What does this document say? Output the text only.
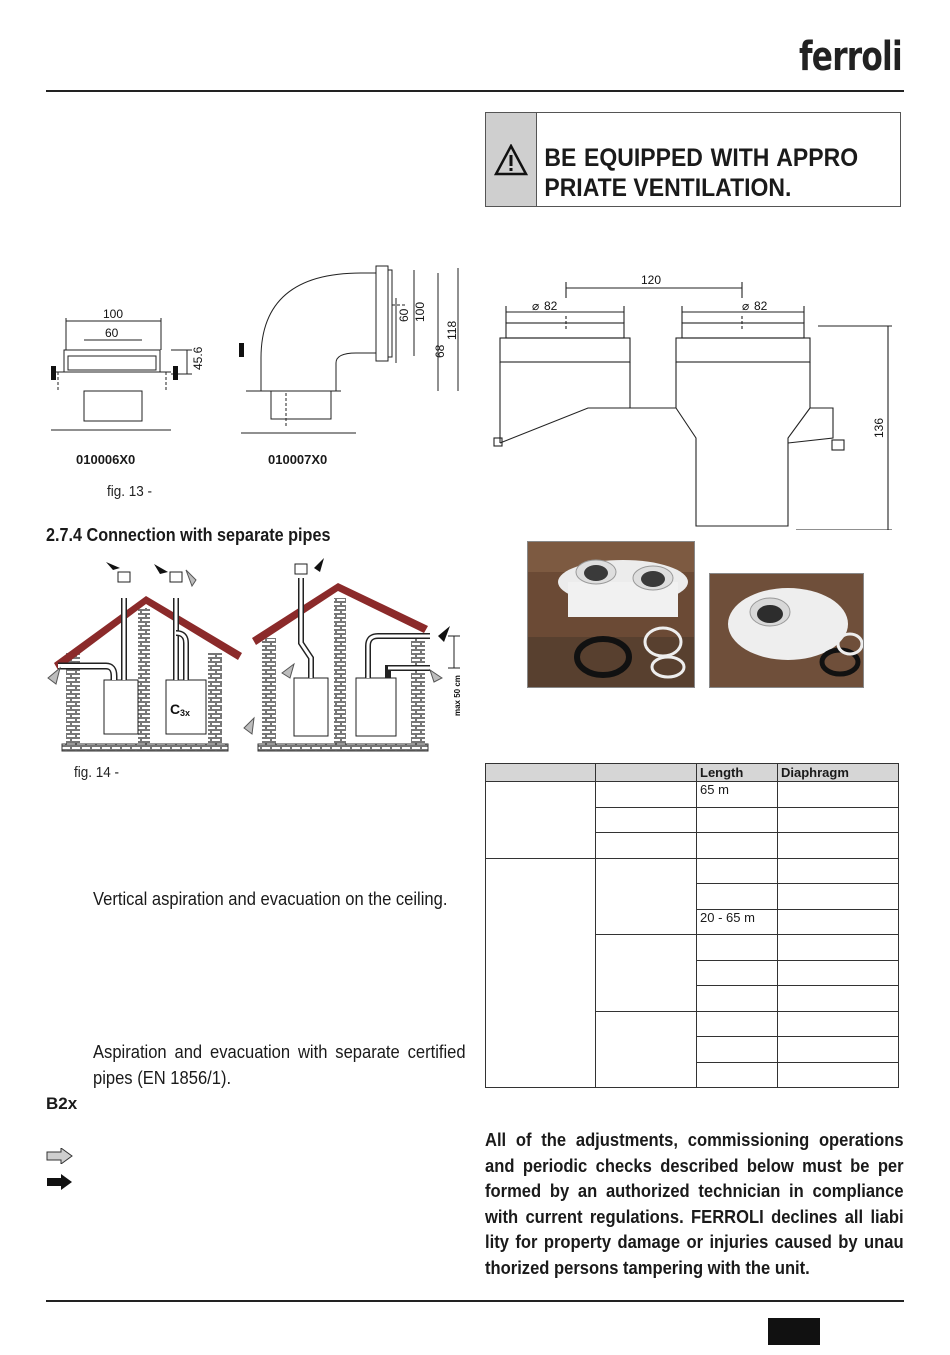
ferroli
BE EQUIPPED WITH APPRO PRIATE VENTILATION.
100
60
45.6
60 100
68
118
010006X0	010007X0
fig. 13 -
120
⌀ 82	⌀ 82
136
2.7.4 Connection with separate pipes
C 3x	max 50 cm
fig. 14 -
Vertical aspiration and evacuation on the ceiling.
Aspiration and evacuation with separate certified pipes (EN 1856/1).
B2x
		Length	Diaphragm
		65 m	

		20 - 65 m	

All of the adjustments, commissioning operations and periodic checks described below must be per formed by an authorized technician in compliance with current regulations. FERROLI declines all liabi lity for property damage or injuries caused by unau thorized persons tampering with the unit.
